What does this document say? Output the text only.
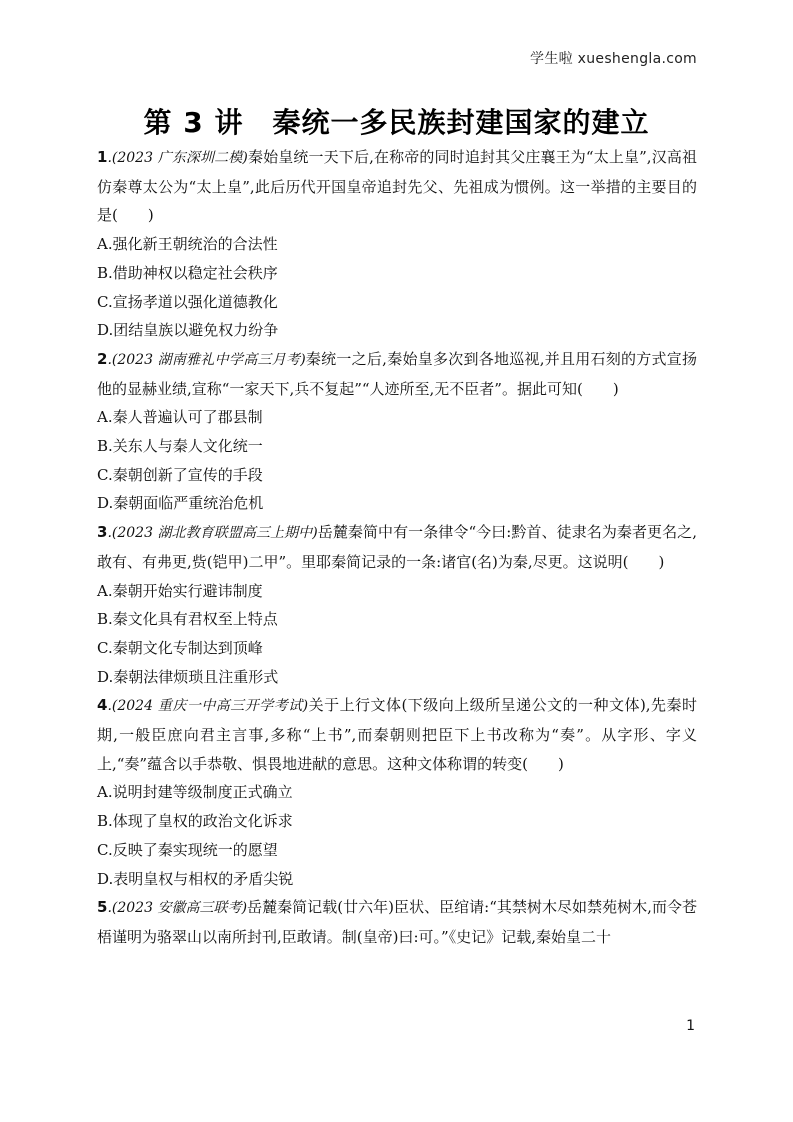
学生啦 xueshengla.com
第 3 讲　秦统一多民族封建国家的建立

1.(2023 广东深圳二模)秦始皇统一天下后,在称帝的同时追封其父庄襄王为“太上皇”,汉高祖仿秦尊太公为“太上皇”,此后历代开国皇帝追封先父、先祖成为惯例。这一举措的主要目的是(　　)

A.强化新王朝统治的合法性

B.借助神权以稳定社会秩序

C.宣扬孝道以强化道德教化

D.团结皇族以避免权力纷争

2.(2023 湖南雅礼中学高三月考)秦统一之后,秦始皇多次到各地巡视,并且用石刻的方式宣扬他的显赫业绩,宣称“一家天下,兵不复起”“人迹所至,无不臣者”。据此可知(　　)

A.秦人普遍认可了郡县制

B.关东人与秦人文化统一

C.秦朝创新了宣传的手段

D.秦朝面临严重统治危机

3.(2023 湖北教育联盟高三上期中)岳麓秦简中有一条律令“今曰:黔首、徒隶名为秦者更名之,敢有、有弗更,赀(铠甲)二甲”。里耶秦简记录的一条:诸官(名)为秦,尽更。这说明(　　)

A.秦朝开始实行避讳制度

B.秦文化具有君权至上特点

C.秦朝文化专制达到顶峰

D.秦朝法律烦琐且注重形式

4.(2024 重庆一中高三开学考试)关于上行文体(下级向上级所呈递公文的一种文体),先秦时期,一般臣庶向君主言事,多称“上书”,而秦朝则把臣下上书改称为“奏”。从字形、字义上,“奏”蕴含以手恭敬、惧畏地进献的意思。这种文体称谓的转变(　　)

A.说明封建等级制度正式确立

B.体现了皇权的政治文化诉求

C.反映了秦实现统一的愿望

D.表明皇权与相权的矛盾尖锐

5.(2023 安徽高三联考)岳麓秦简记载(廿六年)臣状、臣绾请:“其禁树木尽如禁苑树木,而令苍梧谨明为骆翠山以南所封刊,臣敢请。制(皇帝)曰:可。”《史记》记载,秦始皇二十

1
